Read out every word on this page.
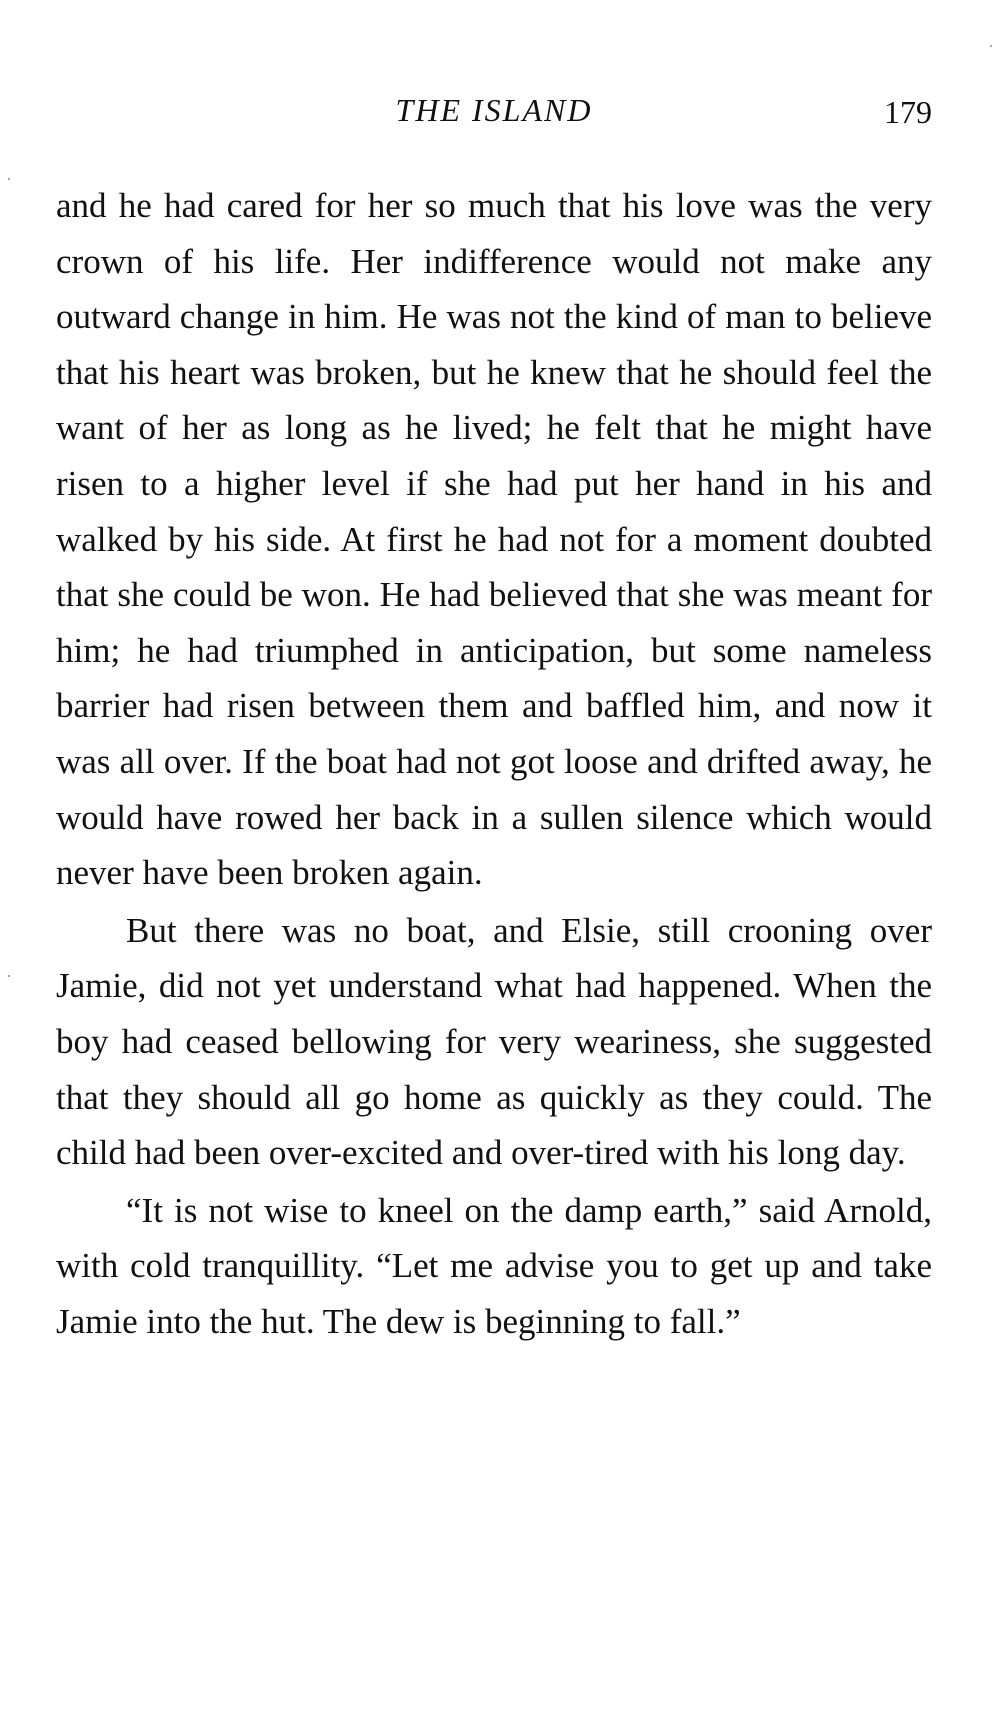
THE ISLAND	179

and he had cared for her so much that his love was the very crown of his life. Her indifference would not make any outward change in him. He was not the kind of man to believe that his heart was broken, but he knew that he should feel the want of her as long as he lived; he felt that he might have risen to a higher level if she had put her hand in his and walked by his side. At first he had not for a moment doubted that she could be won. He had believed that she was meant for him; he had triumphed in anticipation, but some nameless barrier had risen between them and baffled him, and now it was all over. If the boat had not got loose and drifted away, he would have rowed her back in a sullen silence which would never have been broken again.

But there was no boat, and Elsie, still crooning over Jamie, did not yet understand what had happened. When the boy had ceased bellowing for very weariness, she suggested that they should all go home as quickly as they could. The child had been over-excited and over-tired with his long day.

“It is not wise to kneel on the damp earth,” said Arnold, with cold tranquillity. “Let me advise you to get up and take Jamie into the hut. The dew is beginning to fall.”
